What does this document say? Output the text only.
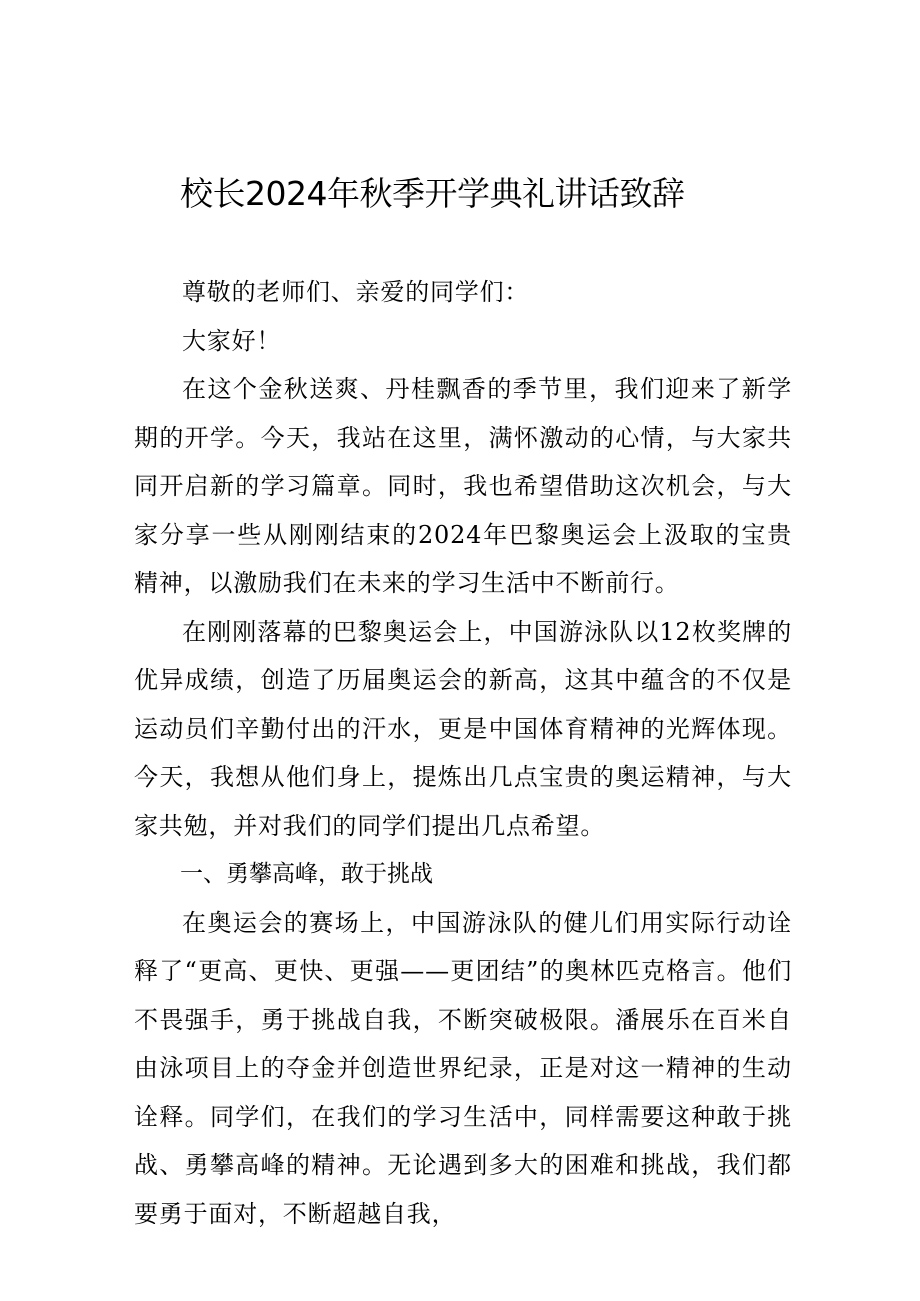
校长2024年秋季开学典礼讲话致辞

尊敬的老师们、亲爱的同学们：

大家好！

在这个金秋送爽、丹桂飘香的季节里，我们迎来了新学期的开学。今天，我站在这里，满怀激动的心情，与大家共同开启新的学习篇章。同时，我也希望借助这次机会，与大家分享一些从刚刚结束的2024年巴黎奥运会上汲取的宝贵精神，以激励我们在未来的学习生活中不断前行。

在刚刚落幕的巴黎奥运会上，中国游泳队以12枚奖牌的优异成绩，创造了历届奥运会的新高，这其中蕴含的不仅是运动员们辛勤付出的汗水，更是中国体育精神的光辉体现。今天，我想从他们身上，提炼出几点宝贵的奥运精神，与大家共勉，并对我们的同学们提出几点希望。

一、勇攀高峰，敢于挑战

在奥运会的赛场上，中国游泳队的健儿们用实际行动诠释了“更高、更快、更强——更团结”的奥林匹克格言。他们不畏强手，勇于挑战自我，不断突破极限。潘展乐在百米自由泳项目上的夺金并创造世界纪录，正是对这一精神的生动诠释。同学们，在我们的学习生活中，同样需要这种敢于挑战、勇攀高峰的精神。无论遇到多大的困难和挑战，我们都要勇于面对，不断超越自我，
